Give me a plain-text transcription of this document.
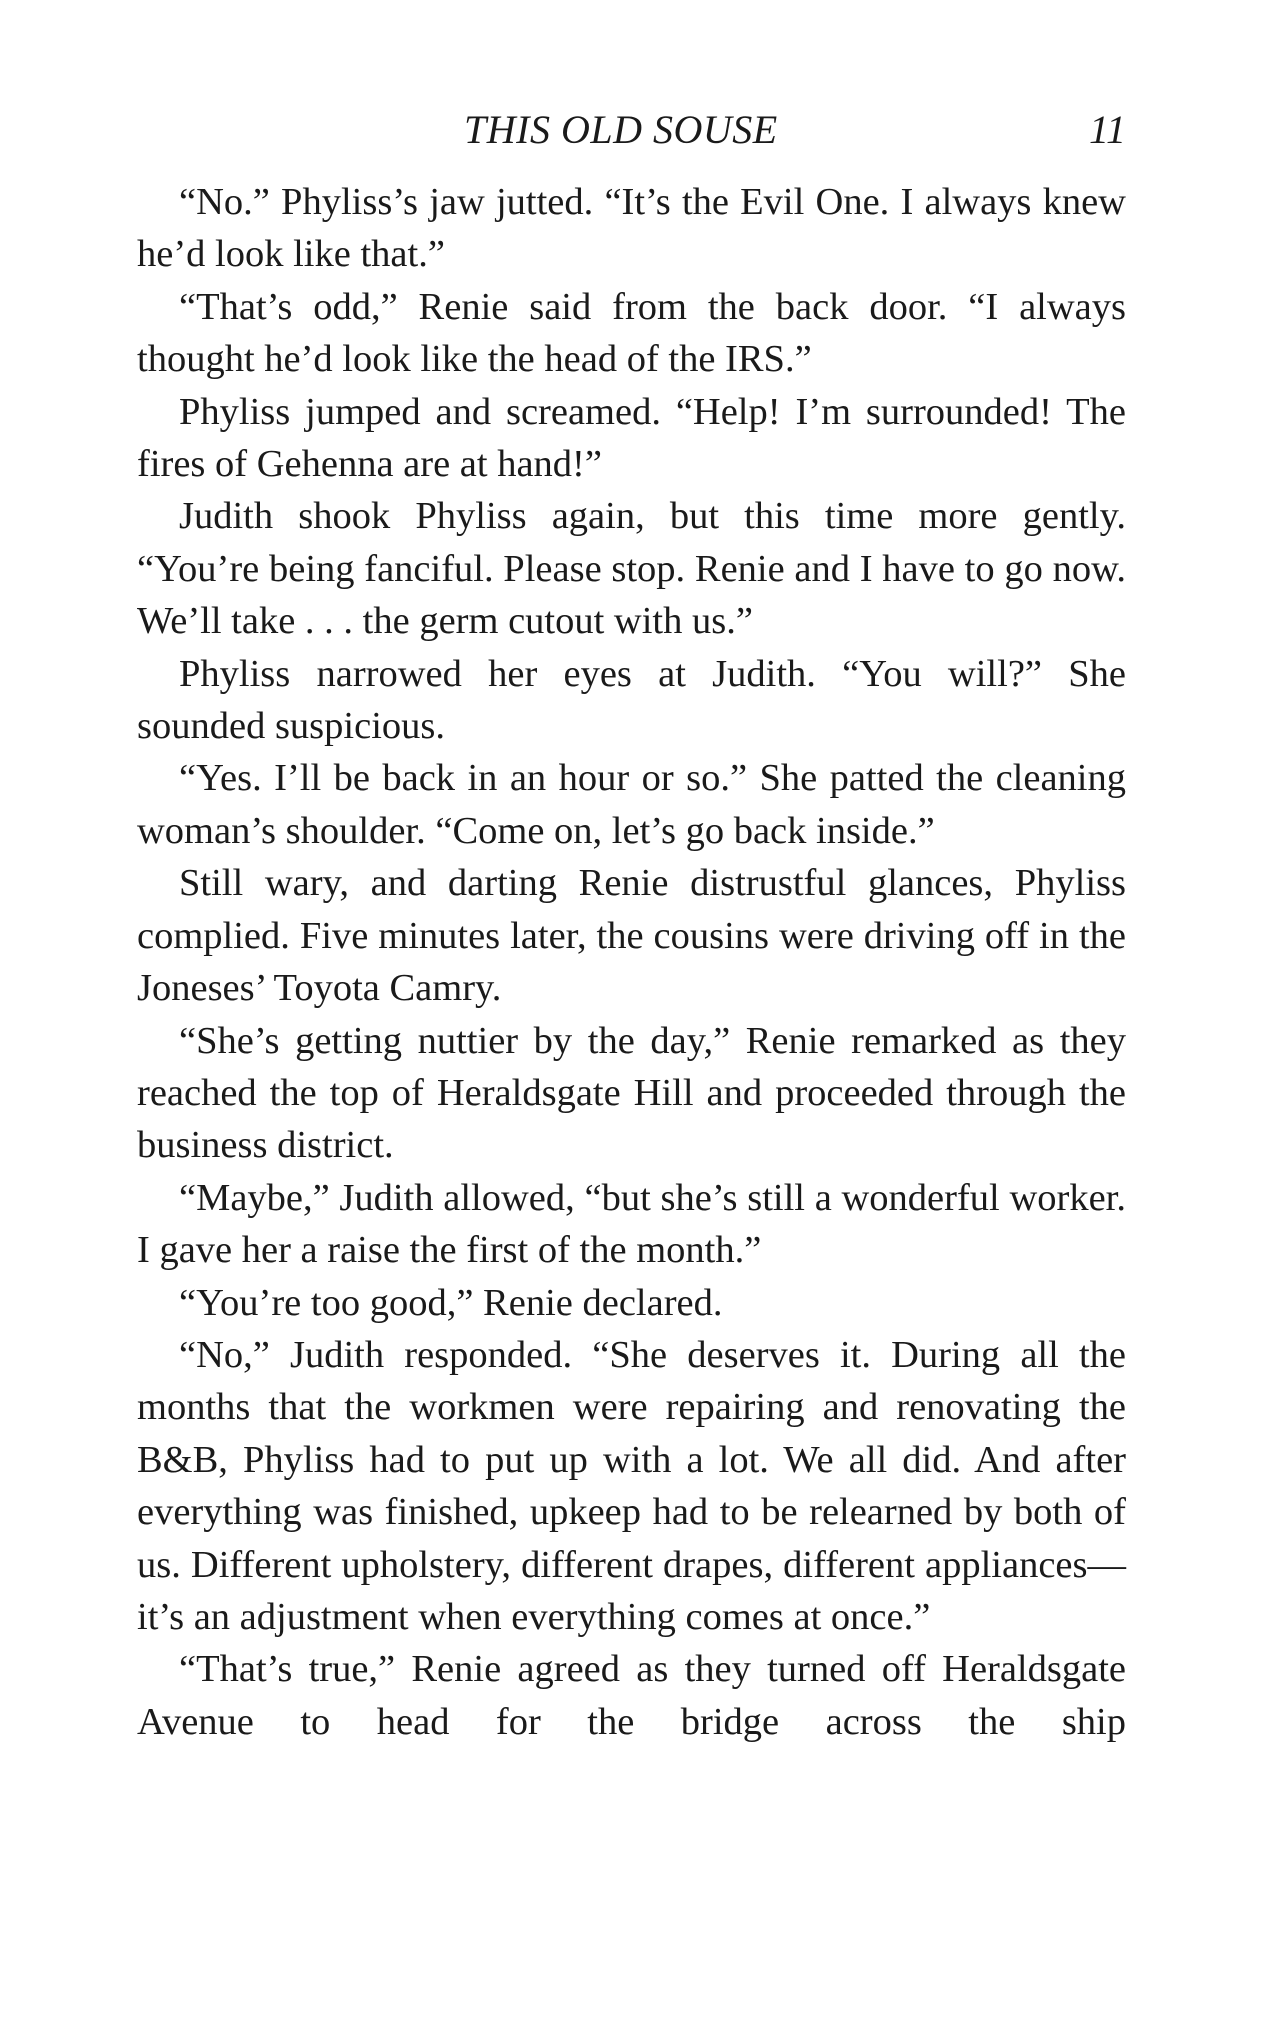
THIS OLD SOUSE	11

“No.” Phyliss’s jaw jutted. “It’s the Evil One. I always knew he’d look like that.”

“That’s odd,” Renie said from the back door. “I always thought he’d look like the head of the IRS.”

Phyliss jumped and screamed. “Help! I’m surrounded! The fires of Gehenna are at hand!”

Judith shook Phyliss again, but this time more gently. “You’re being fanciful. Please stop. Renie and I have to go now. We’ll take . . . the germ cutout with us.”

Phyliss narrowed her eyes at Judith. “You will?” She sounded suspicious.

“Yes. I’ll be back in an hour or so.” She patted the cleaning woman’s shoulder. “Come on, let’s go back inside.”

Still wary, and darting Renie distrustful glances, Phyliss complied. Five minutes later, the cousins were driving off in the Joneses’ Toyota Camry.

“She’s getting nuttier by the day,” Renie remarked as they reached the top of Heraldsgate Hill and proceeded through the business district.

“Maybe,” Judith allowed, “but she’s still a wonderful worker. I gave her a raise the first of the month.”

“You’re too good,” Renie declared.

“No,” Judith responded. “She deserves it. During all the months that the workmen were repairing and renovating the B&B, Phyliss had to put up with a lot. We all did. And after everything was finished, upkeep had to be relearned by both of us. Different upholstery, different drapes, different appliances—it’s an adjustment when everything comes at once.”

“That’s true,” Renie agreed as they turned off Heraldsgate Avenue to head for the bridge across the ship
